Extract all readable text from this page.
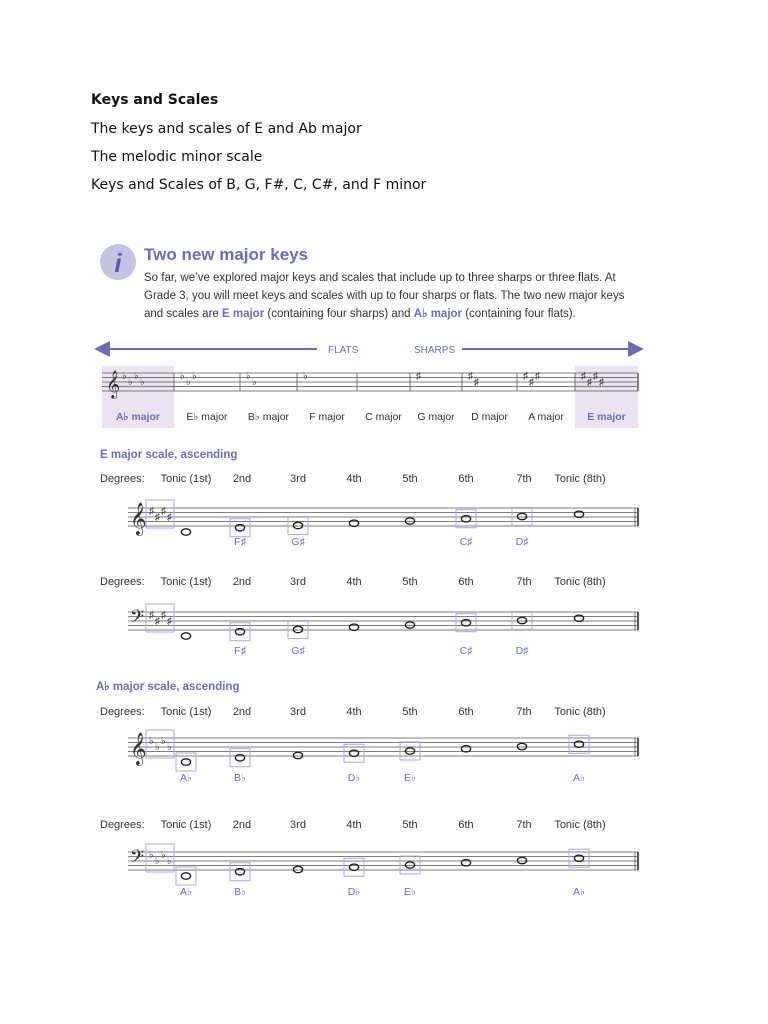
Keys and Scales
The keys and scales of E and Ab major
The melodic minor scale
Keys and Scales of B, G, F#, C, C#, and F minor
i Two new major keys
So far, we’ve explored major keys and scales that include up to three sharps or three flats. At
Grade 3, you will meet keys and scales with up to four sharps or flats. The two new major keys
and scales are E major (containing four sharps) and A♭ major (containing four flats).
FLATS	SHARPS
A♭ major	E♭ major B♭ major F major C major G major D major A major E major
𝄞 ♭
♭
♭
♭
♭
♭
♭	♭
♭
♭	♯	♯
♯
♯
♯
♯	♯
♯
♯
♯
E major scale, ascending
A♭ major scale, ascending
Degrees: Tonic (1st) 2nd	3rd	4th	5th	6th	7th Tonic (8th)
𝄞 ♯
♯
♯
♯
F♯	G♯	C♯	D♯
Degrees: Tonic (1st) 2nd	3rd	4th	5th	6th	7th Tonic (8th)
𝄢 ♯
♯
♯
♯
F♯	G♯	C♯	D♯
Degrees: Tonic (1st) 2nd	3rd	4th	5th	6th	7th Tonic (8th)
𝄞 ♭
♭
♭
♭
A♭	B♭	D♭	E♭	A♭
Degrees: Tonic (1st) 2nd	3rd	4th	5th	6th	7th Tonic (8th)
𝄢 ♭
♭
♭
♭
A♭	B♭	D♭	E♭	A♭
